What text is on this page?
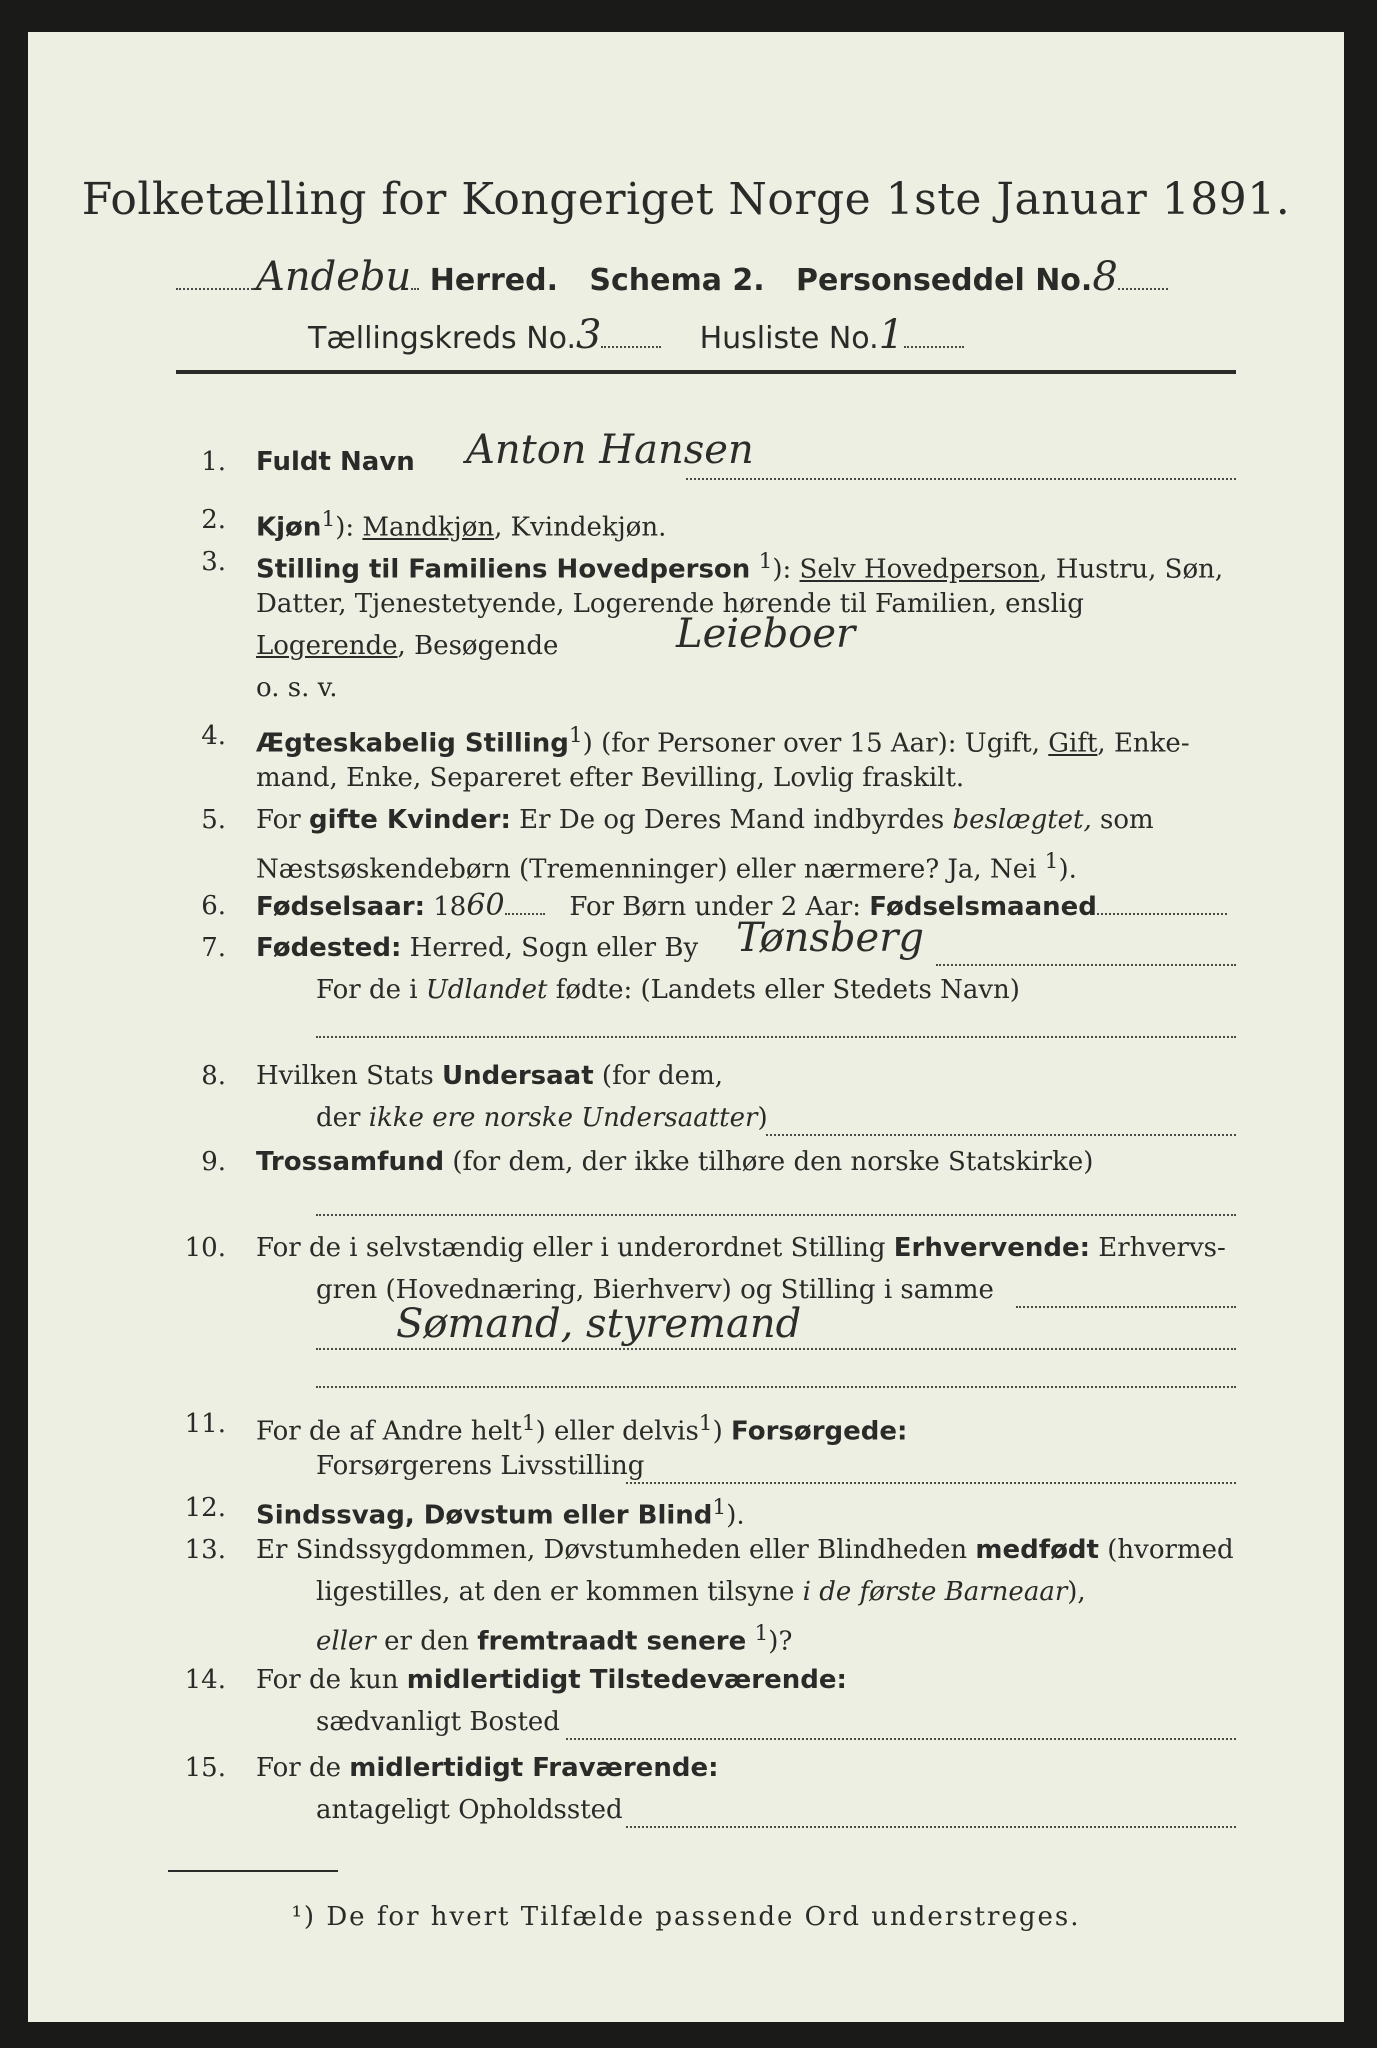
Folketælling for Kongeriget Norge 1ste Januar 1891.
Andebu Herred. Schema 2. Personseddel No.8
Tællingskreds No.3	Husliste No.1
1. Fuldt Navn Anton Hansen
2. Kjøn$^1$): Mandkjøn, Kvindekjøn.
3. Stilling til Familiens Hovedperson $^1$): Selv Hovedperson, Hustru, Søn,
Datter, Tjenestetyende, Logerende hørende til Familien, enslig
Logerende, Besøgende	Leieboer
o. s. v.
4. Ægteskabelig Stilling$^1$) (for Personer over 15 Aar): Ugift, Gift, Enke-
mand, Enke, Separeret efter Bevilling, Lovlig fraskilt.
5. For gifte Kvinder: Er De og Deres Mand indbyrdes beslægtet, som
Næstsøskendebørn (Tremenninger) eller nærmere? Ja, Nei $^1$).
6. Fødselsaar: 1860 For Børn under 2 Aar: Fødselsmaaned
7. Fødested: Herred, Sogn eller By Tønsberg
For de i Udlandet fødte: (Landets eller Stedets Navn)
8. Hvilken Stats Undersaat (for dem,
der ikke ere norske Undersaatter)
9. Trossamfund (for dem, der ikke tilhøre den norske Statskirke)
10. For de i selvstændig eller i underordnet Stilling Erhvervende: Erhvervs-
gren (Hovednæring, Bierhverv) og Stilling i samme
Sømand, styremand
11. For de af Andre helt$^1$) eller delvis$^1$) Forsørgede:
Forsørgerens Livsstilling
12. Sindssvag, Døvstum eller Blind$^1$).
13. Er Sindssygdommen, Døvstumheden eller Blindheden medfødt (hvormed
ligestilles, at den er kommen tilsyne i de første Barneaar),
eller er den fremtraadt senere $^1$)?
14. For de kun midlertidigt Tilstedeværende:
sædvanligt Bosted
15. For de midlertidigt Fraværende:
antageligt Opholdssted
¹) De for hvert Tilfælde passende Ord understreges.
